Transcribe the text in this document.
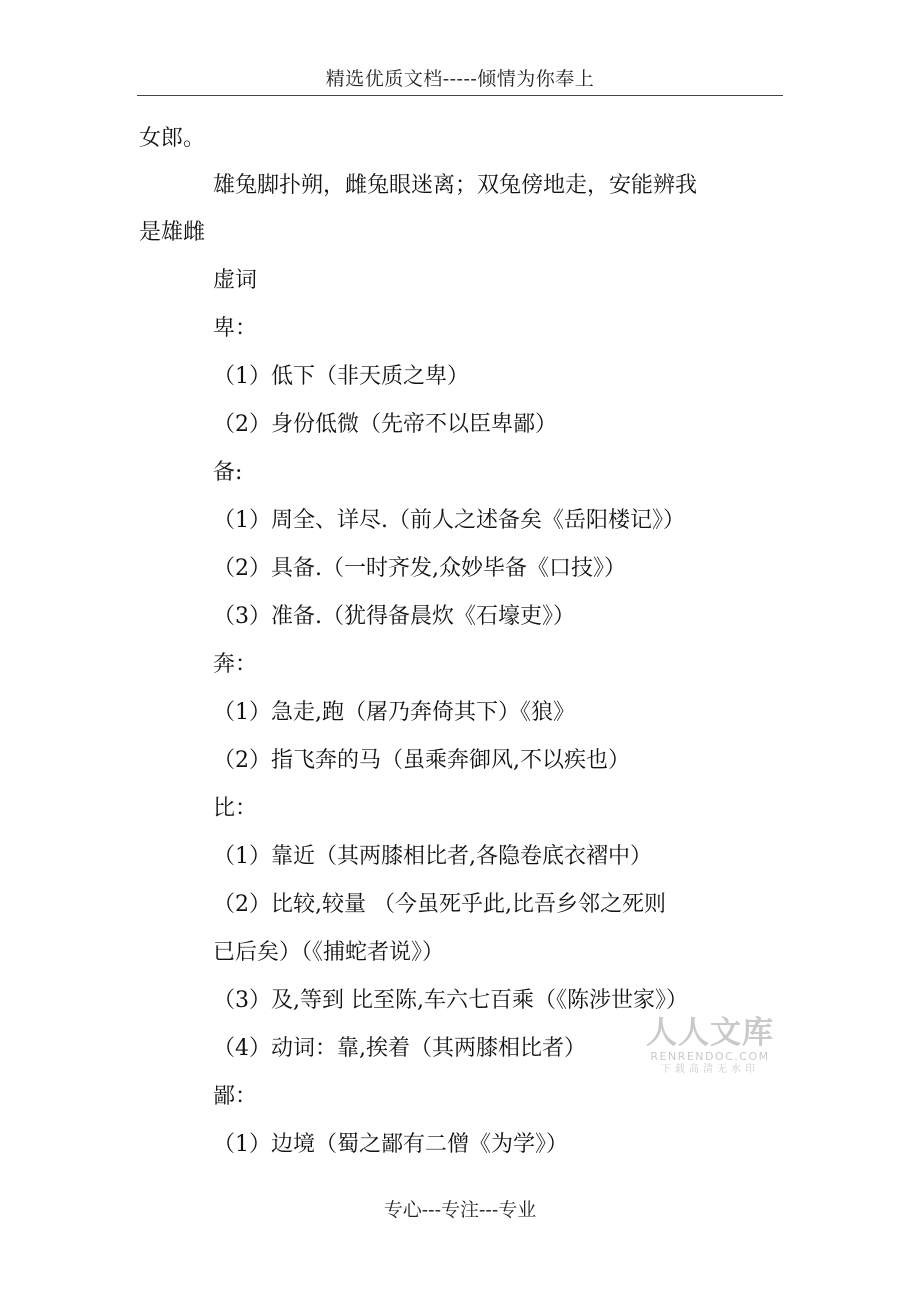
精选优质文档-----倾情为你奉上
女郎。
雄兔脚扑朔，雌兔眼迷离；双兔傍地走，安能辨我
是雄雌
虚词
卑：
（1）低下（非天质之卑）
（2）身份低微（先帝不以臣卑鄙）
备:
（1）周全、详尽.（前人之述备矣《岳阳楼记》）
（2）具备.（一时齐发,众妙毕备《口技》）
（3）准备.（犹得备晨炊《石壕吏》）
奔：
（1）急走,跑（屠乃奔倚其下）《狼》
（2）指飞奔的马（虽乘奔御风,不以疾也）
比：
（1）靠近（其两膝相比者,各隐卷底衣褶中）
（2）比较,较量 （今虽死乎此,比吾乡邻之死则
已后矣）（《捕蛇者说》）
（3）及,等到 比至陈,车六七百乘（《陈涉世家》）
（4）动词：靠,挨着（其两膝相比者）
鄙：
（1）边境（蜀之鄙有二僧《为学》）
人人文库
RENRENDOC.COM
下载高清无水印
专心---专注---专业
